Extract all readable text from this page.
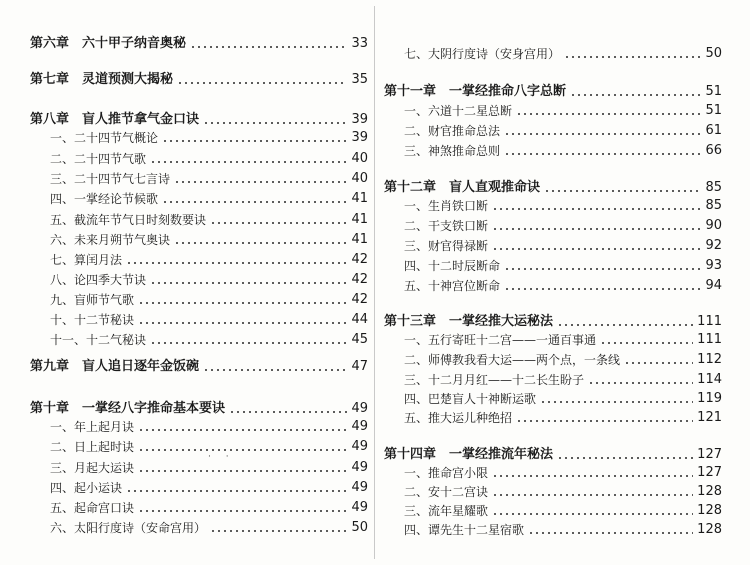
第六章　六十甲子纳音奥秘	33
第七章　灵道预测大揭秘	35
第八章　盲人推节拿气金口诀	39
一、二十四节气概论	39
二、二十四节气歌	40
三、二十四节气七言诗	40
四、一掌经论节候歌	41
五、截流年节气日时刻数要诀	41
六、未来月朔节气奥诀	41
七、算闰月法	42
八、论四季大节诀	42
九、盲师节气歌	42
十、十二节秘诀	44
十一、十二气秘诀	45
第九章　盲人追日逐年金饭碗	47
第十章　一掌经八字推命基本要诀	49
一、年上起月诀	49
二、日上起时诀	49
三、月起大运诀	49
四、起小运诀	49
五、起命宫口诀	49
六、太阳行度诗（安命宫用）	50
七、大阴行度诗（安身宫用）	50
第十一章　一掌经推命八字总断	51
一、六道十二星总断	51
二、财官推命总法	61
三、神煞推命总则	66
第十二章　盲人直观推命诀	85
一、生肖铁口断	85
二、干支铁口断	90
三、财官得禄断	92
四、十二时辰断命	93
五、十神宫位断命	94
第十三章　一掌经推大运秘法	111
一、五行寄旺十二宫——一通百事通	111
二、师傅教我看大运——两个点，一条线	112
三、十二月月红——十二长生盼子	114
四、巴楚盲人十神断运歌	119
五、推大运儿种绝招	121
第十四章　一掌经推流年秘法	127
一、推命宫小限	127
二、安十二宫诀	128
三、流年星耀歌	128
四、谭先生十二星宿歌	128
· ·
